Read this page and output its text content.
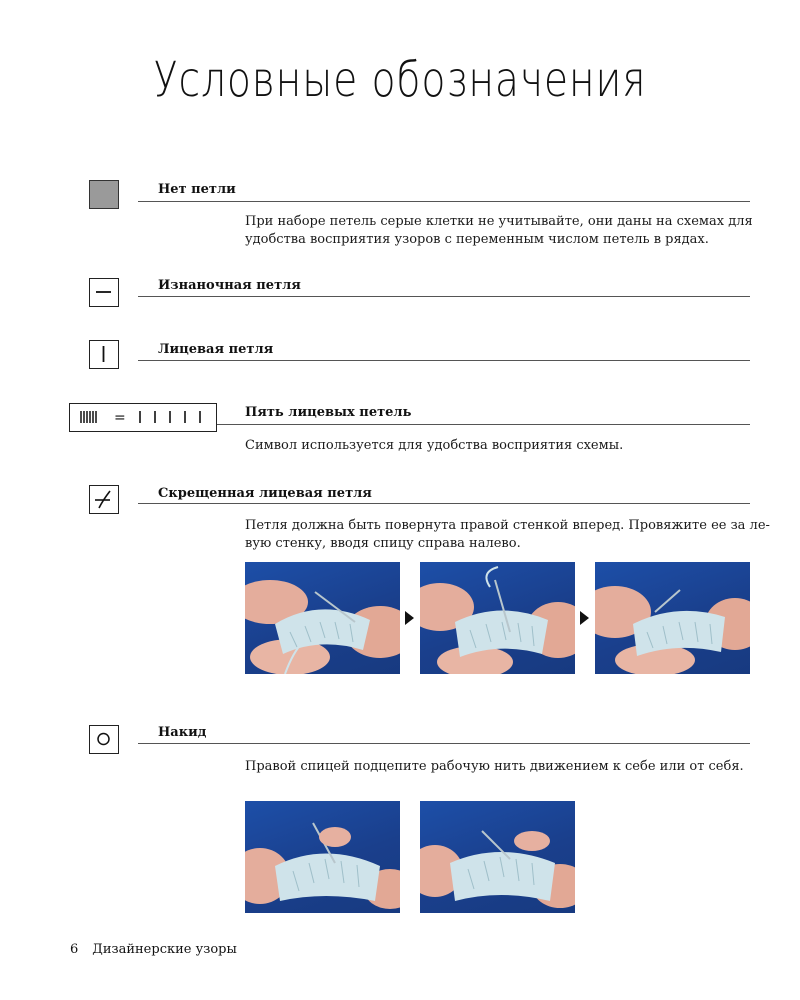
Условные обозначения
Нет петли
При наборе петель серые клетки не учитывайте, они даны на схемах для
удобства восприятия узоров с переменным числом петель в рядах.
Изнаночная петля
Лицевая петля
=	Пять лицевых петель
Символ используется для удобства восприятия схемы.
Скрещенная лицевая петля
Петля должна быть повернута правой стенкой вперед. Провяжите ее за ле-
вую стенку, вводя спицу справа налево.
Накид
Правой спицей подцепите рабочую нить движением к себе или от себя.
6 Дизайнерские узоры
